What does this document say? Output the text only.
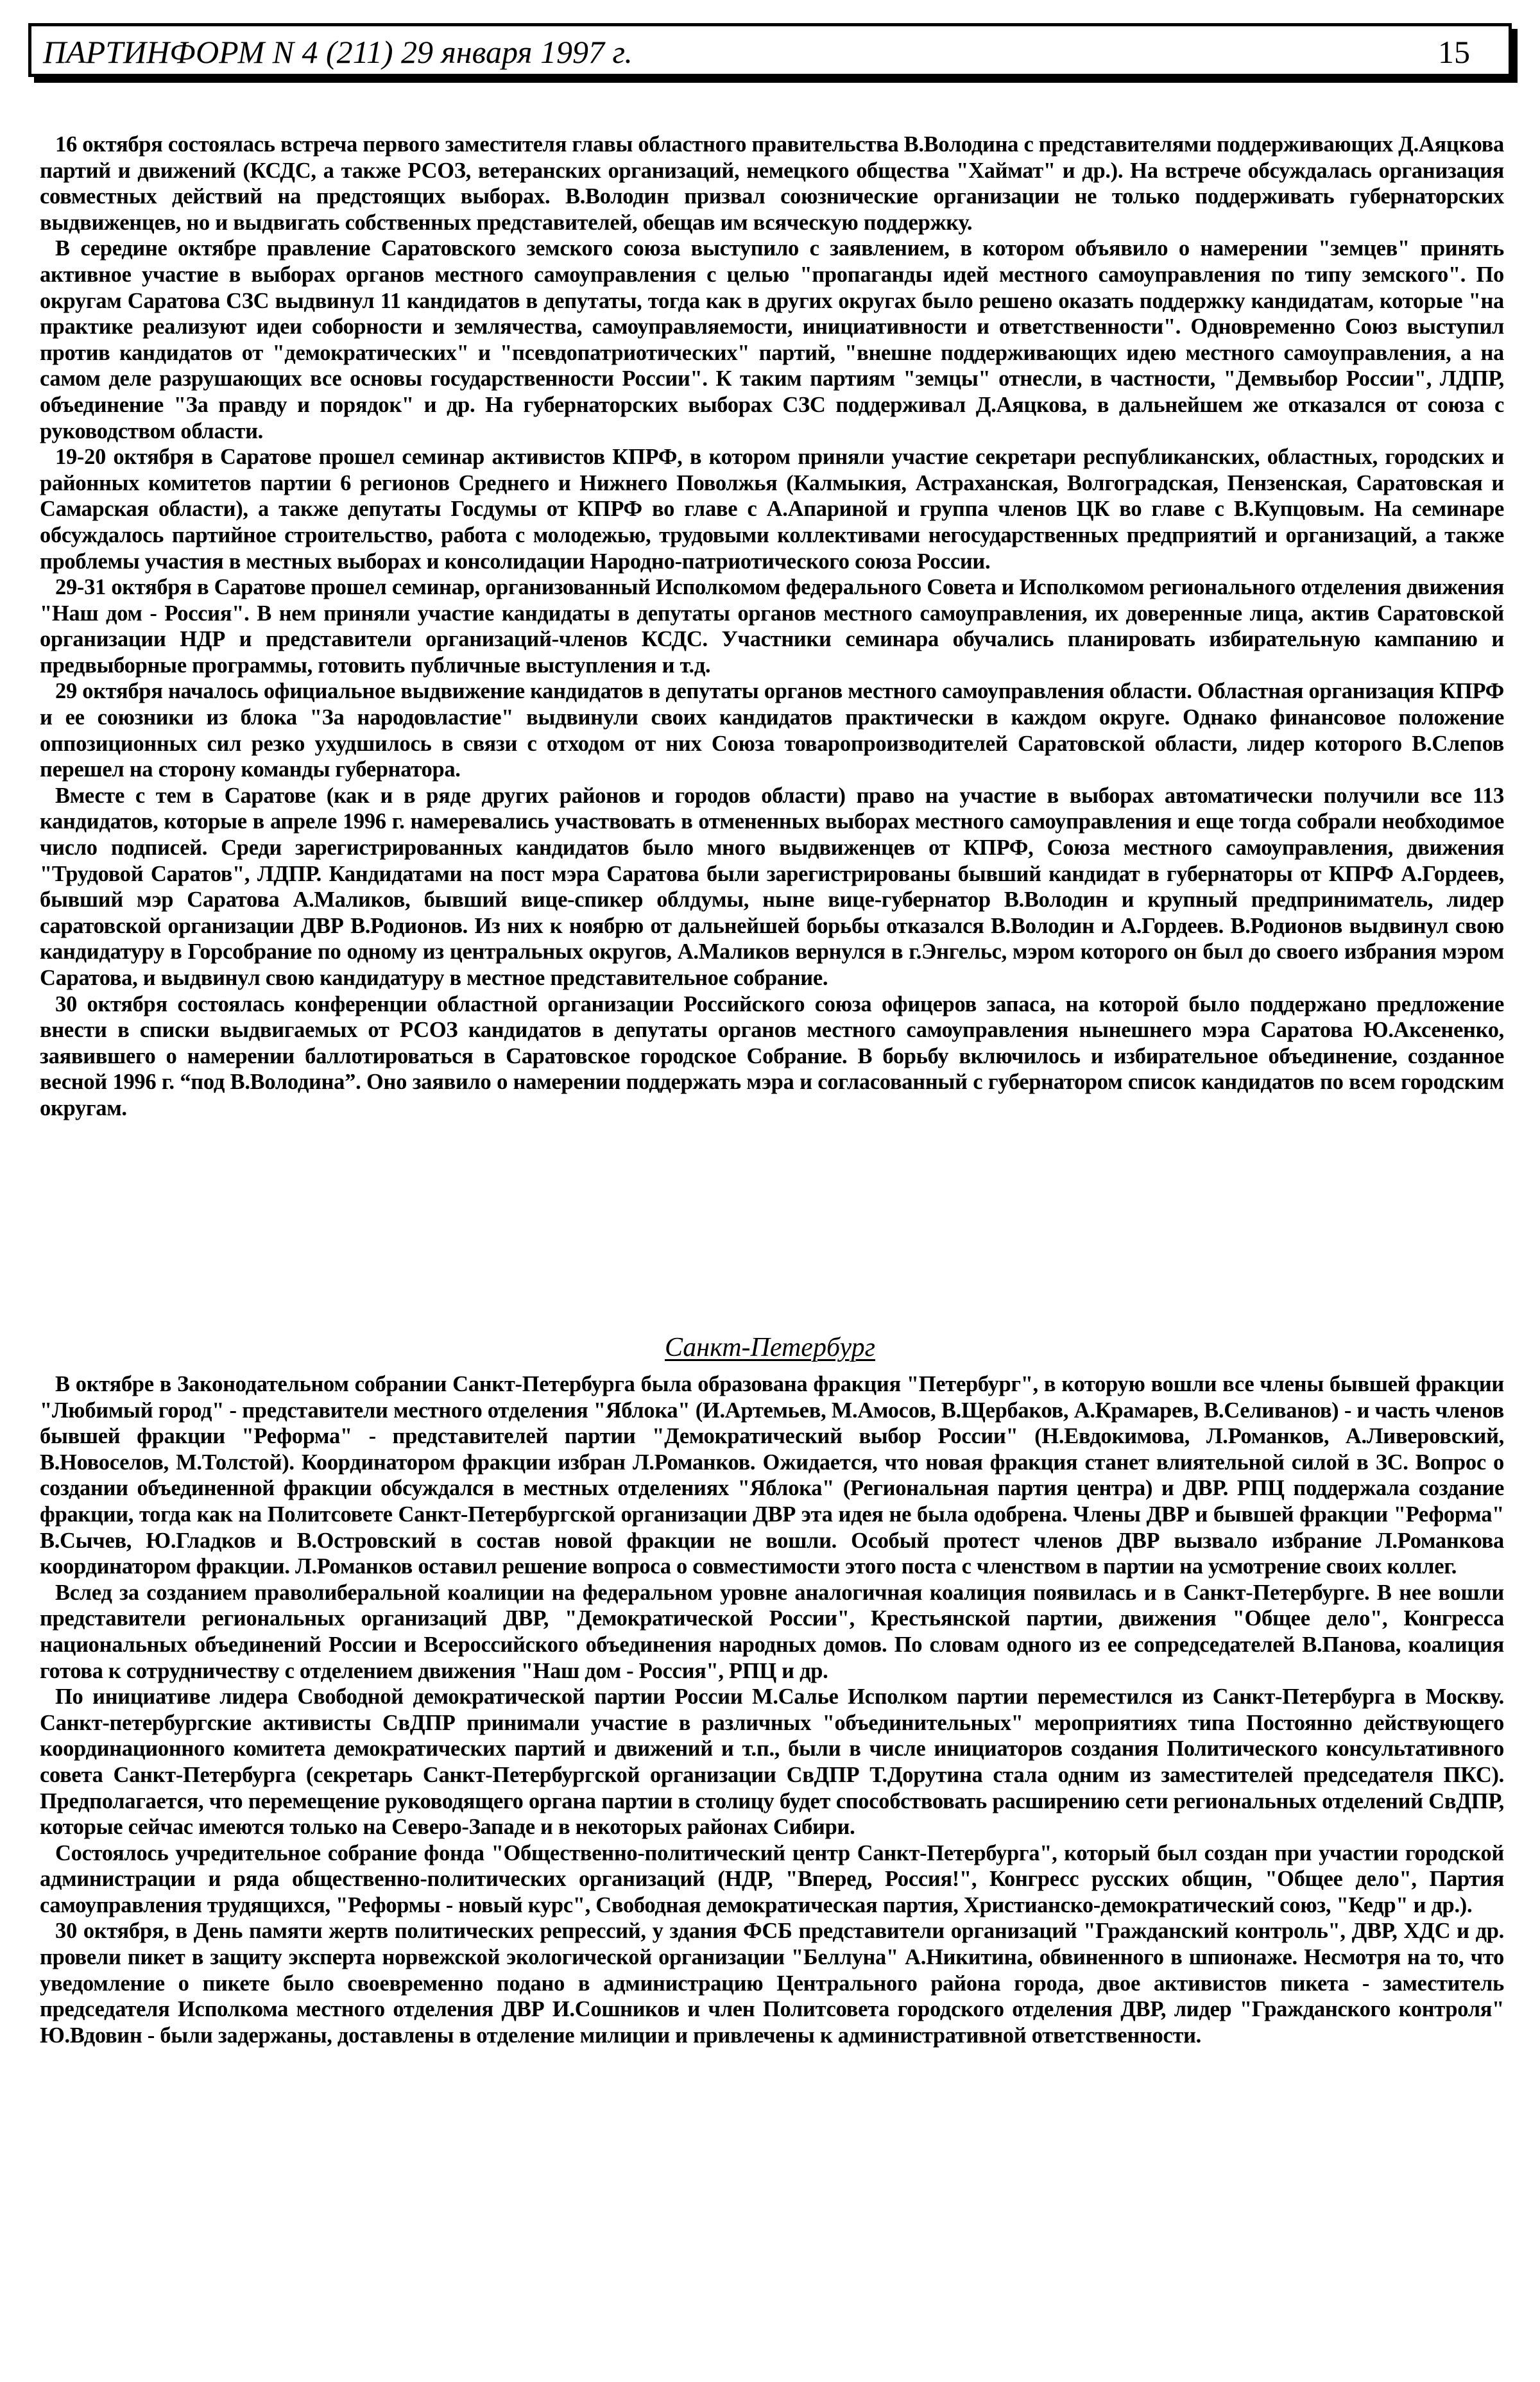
ПАРТИНФОРМ N 4 (211) 29 января 1997 г.	15

16 октября состоялась встреча первого заместителя главы областного правительства В.Володина с представителями поддерживающих Д.Аяцкова партий и движений (КСДС, а также РСОЗ, ветеранских организаций, немецкого общества "Хаймат" и др.). На встрече обсуждалась организация совместных действий на предстоящих выборах. В.Володин призвал союзнические организации не только поддерживать губернаторских выдвиженцев, но и выдвигать собственных представителей, обещав им всяческую поддержку.

В середине октябре правление Саратовского земского союза выступило с заявлением, в котором объявило о намерении "земцев" принять активное участие в выборах органов местного самоуправления с целью "пропаганды идей местного самоуправления по типу земского". По округам Саратова СЗС выдвинул 11 кандидатов в депутаты, тогда как в других округах было решено оказать поддержку кандидатам, которые "на практике реализуют идеи соборности и землячества, самоуправляемости, инициативности и ответственности". Одновременно Союз выступил против кандидатов от "демократических" и "псевдопатриотических" партий, "внешне поддерживающих идею местного самоуправления, а на самом деле разрушающих все основы государственности России". К таким партиям "земцы" отнесли, в частности, "Демвыбор России", ЛДПР, объединение "За правду и порядок" и др. На губернаторских выборах СЗС поддерживал Д.Аяцкова, в дальнейшем же отказался от союза с руководством области.

19-20 октября в Саратове прошел семинар активистов КПРФ, в котором приняли участие секретари республиканских, областных, городских и районных комитетов партии 6 регионов Среднего и Нижнего Поволжья (Калмыкия, Астраханская, Волгоградская, Пензенская, Саратовская и Самарская области), а также депутаты Госдумы от КПРФ во главе с А.Апариной и группа членов ЦК во главе с В.Купцовым. На семинаре обсуждалось партийное строительство, работа с молодежью, трудовыми коллективами негосударственных предприятий и организаций, а также проблемы участия в местных выборах и консолидации Народно-патриотического союза России.

29-31 октября в Саратове прошел семинар, организованный Исполкомом федерального Совета и Исполкомом регионального отделения движения "Наш дом - Россия". В нем приняли участие кандидаты в депутаты органов местного самоуправления, их доверенные лица, актив Саратовской организации НДР и представители организаций-членов КСДС. Участники семинара обучались планировать избирательную кампанию и предвыборные программы, готовить публичные выступления и т.д.

29 октября началось официальное выдвижение кандидатов в депутаты органов местного самоуправления области. Областная организация КПРФ и ее союзники из блока "За народовластие" выдвинули своих кандидатов практически в каждом округе. Однако финансовое положение оппозиционных сил резко ухудшилось в связи с отходом от них Союза товаропроизводителей Саратовской области, лидер которого В.Слепов перешел на сторону команды губернатора.

Вместе с тем в Саратове (как и в ряде других районов и городов области) право на участие в выборах автоматически получили все 113 кандидатов, которые в апреле 1996 г. намеревались участвовать в отмененных выборах местного самоуправления и еще тогда собрали необходимое число подписей. Среди зарегистрированных кандидатов было много выдвиженцев от КПРФ, Союза местного самоуправления, движения "Трудовой Саратов", ЛДПР. Кандидатами на пост мэра Саратова были зарегистрированы бывший кандидат в губернаторы от КПРФ А.Гордеев, бывший мэр Саратова А.Маликов, бывший вице-спикер облдумы, ныне вице-губернатор В.Володин и крупный предприниматель, лидер саратовской организации ДВР В.Родионов. Из них к ноябрю от дальнейшей борьбы отказался В.Володин и А.Гордеев. В.Родионов выдвинул свою кандидатуру в Горсобрание по одному из центральных округов, А.Маликов вернулся в г.Энгельс, мэром которого он был до своего избрания мэром Саратова, и выдвинул свою кандидатуру в местное представительное собрание.

30 октября состоялась конференции областной организации Российского союза офицеров запаса, на которой было поддержано предложение внести в списки выдвигаемых от РСОЗ кандидатов в депутаты органов местного самоуправления нынешнего мэра Саратова Ю.Аксененко, заявившего о намерении баллотироваться в Саратовское городское Собрание. В борьбу включилось и избирательное объединение, созданное весной 1996 г. “под В.Володина”. Оно заявило о намерении поддержать мэра и согласованный с губернатором список кандидатов по всем городским округам.

Санкт-Петербург

В октябре в Законодательном собрании Санкт-Петербурга была образована фракция "Петербург", в которую вошли все члены бывшей фракции "Любимый город" - представители местного отделения "Яблока" (И.Артемьев, М.Амосов, В.Щербаков, А.Крамарев, В.Селиванов) - и часть членов бывшей фракции "Реформа" - представителей партии "Демократический выбор России" (Н.Евдокимова, Л.Романков, А.Ливеровский, В.Новоселов, М.Толстой). Координатором фракции избран Л.Романков. Ожидается, что новая фракция станет влиятельной силой в ЗС. Вопрос о создании объединенной фракции обсуждался в местных отделениях "Яблока" (Региональная партия центра) и ДВР. РПЦ поддержала создание фракции, тогда как на Политсовете Санкт-Петербургской организации ДВР эта идея не была одобрена. Члены ДВР и бывшей фракции "Реформа" В.Сычев, Ю.Гладков и В.Островский в состав новой фракции не вошли. Особый протест членов ДВР вызвало избрание Л.Романкова координатором фракции. Л.Романков оставил решение вопроса о совместимости этого поста с членством в партии на усмотрение своих коллег.

Вслед за созданием праволиберальной коалиции на федеральном уровне аналогичная коалиция появилась и в Санкт-Петербурге. В нее вошли представители региональных организаций ДВР, "Демократической России", Крестьянской партии, движения "Общее дело", Конгресса национальных объединений России и Всероссийского объединения народных домов. По словам одного из ее сопредседателей В.Панова, коалиция готова к сотрудничеству с отделением движения "Наш дом - Россия", РПЦ и др.

По инициативе лидера Свободной демократической партии России М.Салье Исполком партии переместился из Санкт-Петербурга в Москву. Санкт-петербургские активисты СвДПР принимали участие в различных "объединительных" мероприятиях типа Постоянно действующего координационного комитета демократических партий и движений и т.п., были в числе инициаторов создания Политического консультативного совета Санкт-Петербурга (секретарь Санкт-Петербургской организации СвДПР Т.Дорутина стала одним из заместителей председателя ПКС). Предполагается, что перемещение руководящего органа партии в столицу будет способствовать расширению сети региональных отделений СвДПР, которые сейчас имеются только на Северо-Западе и в некоторых районах Сибири.

Состоялось учредительное собрание фонда "Общественно-политический центр Санкт-Петербурга", который был создан при участии городской администрации и ряда общественно-политических организаций (НДР, "Вперед, Россия!", Конгресс русских общин, "Общее дело", Партия самоуправления трудящихся, "Реформы - новый курс", Свободная демократическая партия, Христианско-демократический союз, "Кедр" и др.).

30 октября, в День памяти жертв политических репрессий, у здания ФСБ представители организаций "Гражданский контроль", ДВР, ХДС и др. провели пикет в защиту эксперта норвежской экологической организации "Беллуна" А.Никитина, обвиненного в шпионаже. Несмотря на то, что уведомление о пикете было своевременно подано в администрацию Центрального района города, двое активистов пикета - заместитель председателя Исполкома местного отделения ДВР И.Сошников и член Политсовета городского отделения ДВР, лидер "Гражданского контроля" Ю.Вдовин - были задержаны, доставлены в отделение милиции и привлечены к административной ответственности.
